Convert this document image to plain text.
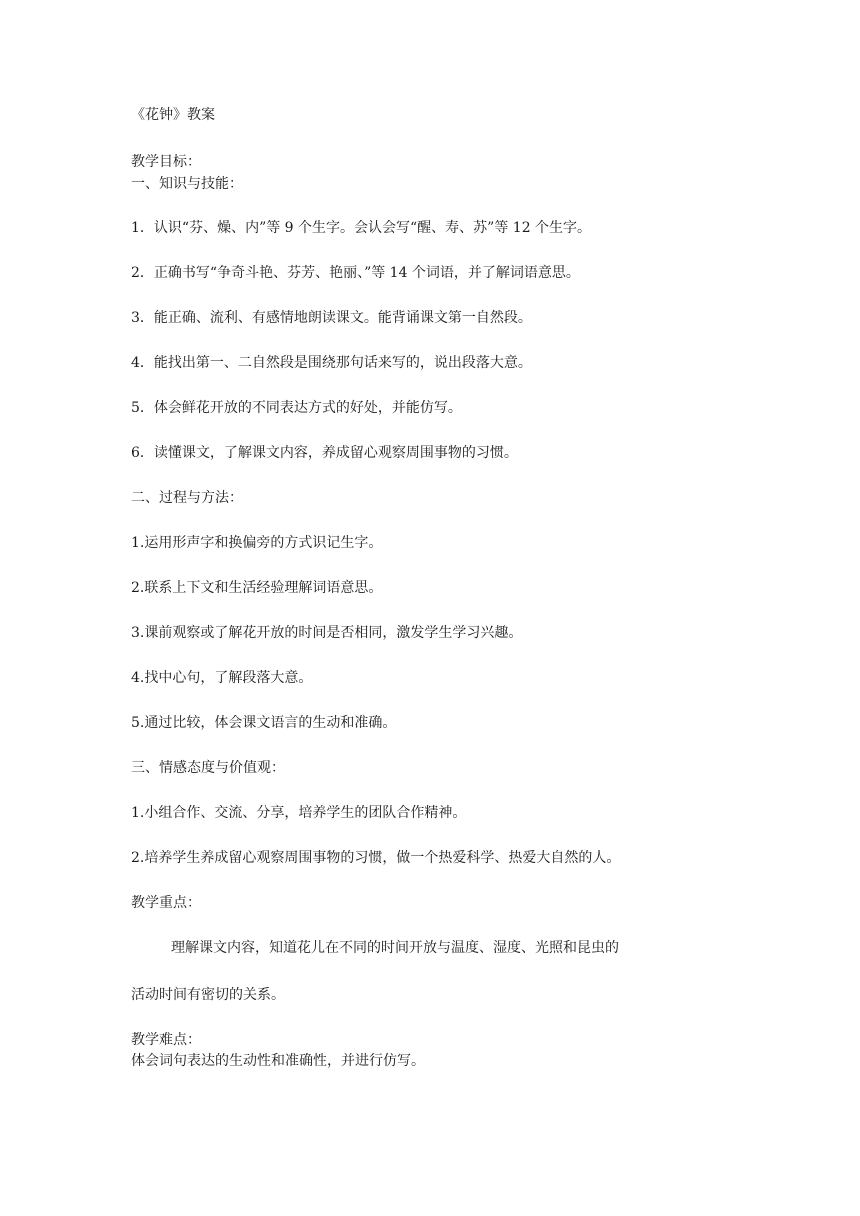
《花钟》教案
教学目标：
一、知识与技能：
1．认识“芬、燥、内”等 9 个生字。会认会写“醒、寿、苏”等 12 个生字。
2．正确书写“争奇斗艳、芬芳、艳丽、”等 14 个词语，并了解词语意思。
3．能正确、流利、有感情地朗读课文。能背诵课文第一自然段。
4．能找出第一、二自然段是围绕那句话来写的，说出段落大意。
5．体会鲜花开放的不同表达方式的好处，并能仿写。
6．读懂课文，了解课文内容，养成留心观察周围事物的习惯。
二、过程与方法：
1.运用形声字和换偏旁的方式识记生字。
2.联系上下文和生活经验理解词语意思。
3.课前观察或了解花开放的时间是否相同，激发学生学习兴趣。
4.找中心句，了解段落大意。
5.通过比较，体会课文语言的生动和准确。
三、情感态度与价值观：
1.小组合作、交流、分享，培养学生的团队合作精神。
2.培养学生养成留心观察周围事物的习惯，做一个热爱科学、热爱大自然的人。
教学重点：
理解课文内容，知道花儿在不同的时间开放与温度、湿度、光照和昆虫的
活动时间有密切的关系。
教学难点：
体会词句表达的生动性和准确性，并进行仿写。
